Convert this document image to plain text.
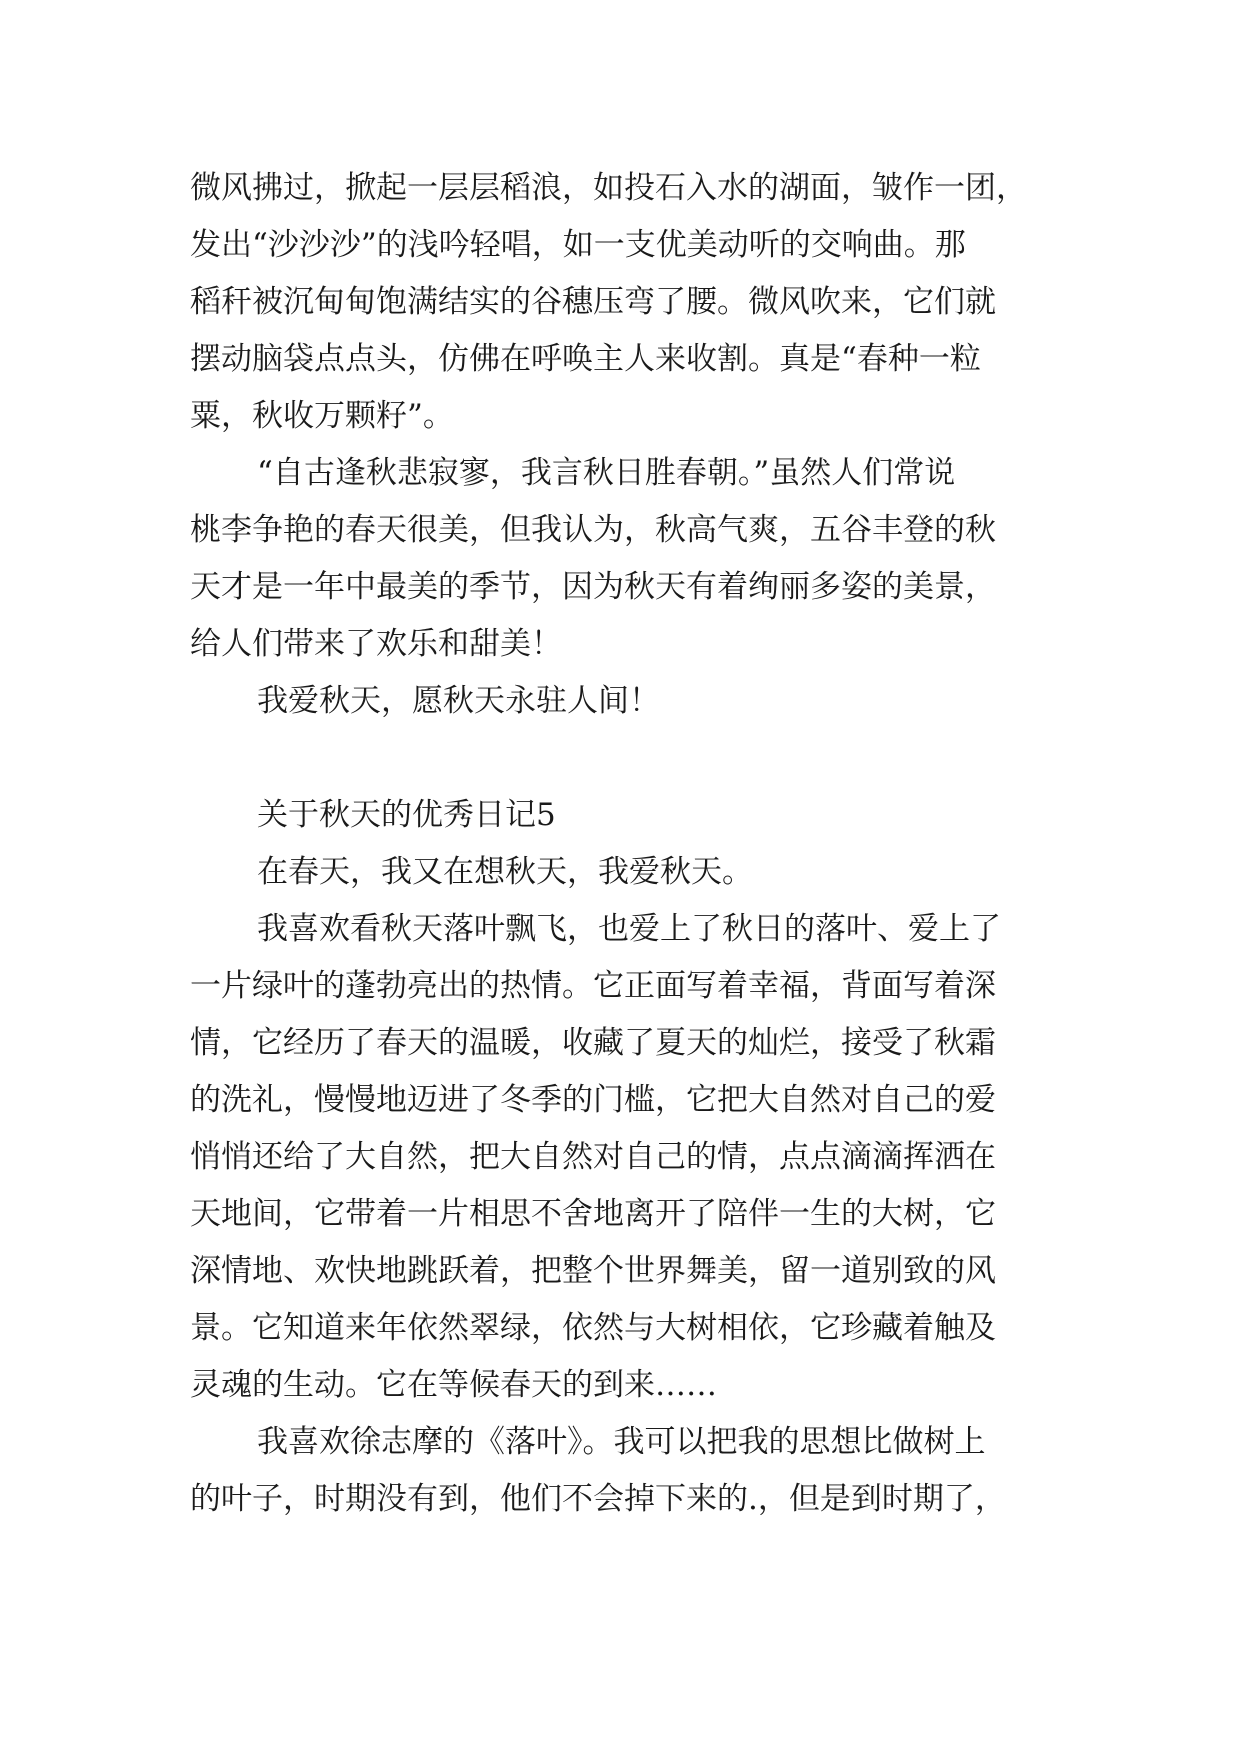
微风拂过，掀起一层层稻浪，如投石入水的湖面，皱作一团，
发出“沙沙沙”的浅吟轻唱，如一支优美动听的交响曲。那
稻秆被沉甸甸饱满结实的谷穗压弯了腰。微风吹来，它们就
摆动脑袋点点头，仿佛在呼唤主人来收割。真是“春种一粒
粟，秋收万颗籽”。
“自古逢秋悲寂寥，我言秋日胜春朝。”虽然人们常说
桃李争艳的春天很美，但我认为，秋高气爽，五谷丰登的秋
天才是一年中最美的季节，因为秋天有着绚丽多姿的美景，
给人们带来了欢乐和甜美！
我爱秋天，愿秋天永驻人间！
关于秋天的优秀日记5
在春天，我又在想秋天，我爱秋天。
我喜欢看秋天落叶飘飞，也爱上了秋日的落叶、爱上了
一片绿叶的蓬勃亮出的热情。它正面写着幸福，背面写着深
情，它经历了春天的温暖，收藏了夏天的灿烂，接受了秋霜
的洗礼，慢慢地迈进了冬季的门槛，它把大自然对自己的爱
悄悄还给了大自然，把大自然对自己的情，点点滴滴挥洒在
天地间，它带着一片相思不舍地离开了陪伴一生的大树，它
深情地、欢快地跳跃着，把整个世界舞美，留一道别致的风
景。它知道来年依然翠绿，依然与大树相依，它珍藏着触及
灵魂的生动。它在等候春天的到来……
我喜欢徐志摩的《落叶》。我可以把我的思想比做树上
的叶子，时期没有到，他们不会掉下来的.，但是到时期了，
